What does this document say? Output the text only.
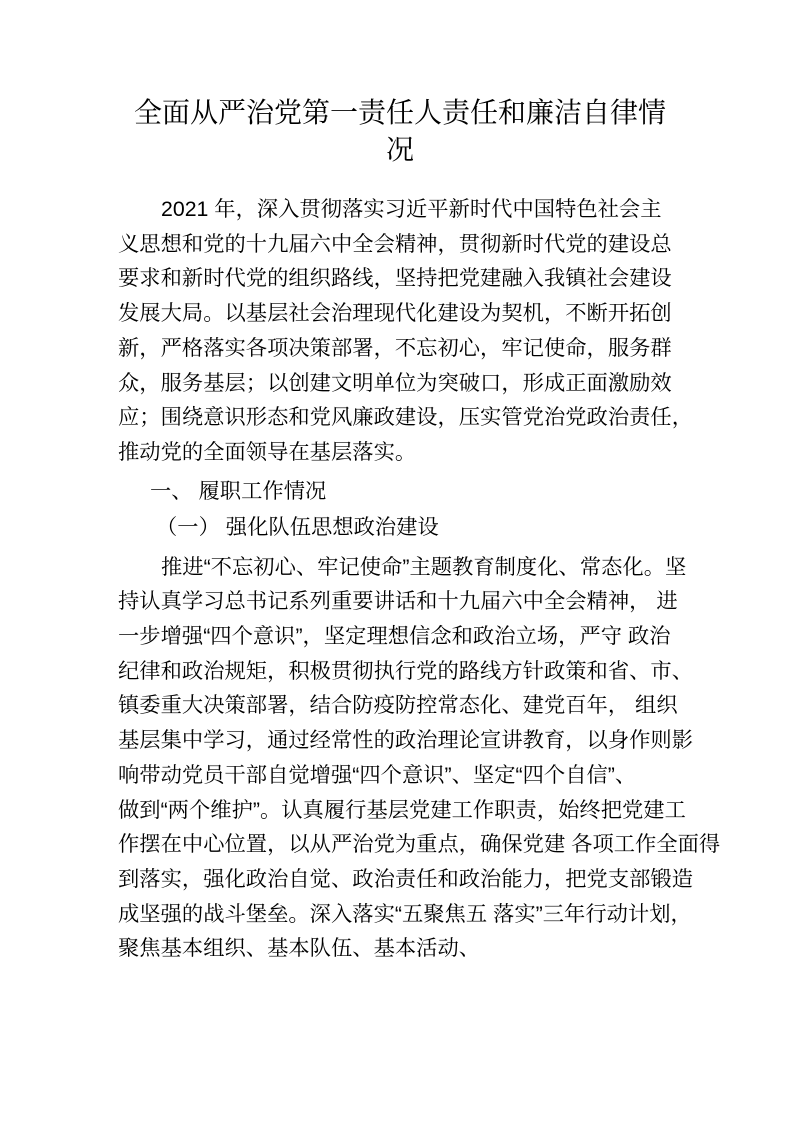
全面从严治党第一责任人责任和廉洁自律情
况
2021 年，深入贯彻落实习近平新时代中国特色社会主
义思想和党的十九届六中全会精神，贯彻新时代党的建设总
要求和新时代党的组织路线，坚持把党建融入我镇社会建设
发展大局。以基层社会治理现代化建设为契机，不断开拓创
新，严格落实各项决策部署，不忘初心，牢记使命，服务群
众，服务基层；以创建文明单位为突破口，形成正面激励效
应；围绕意识形态和党风廉政建设，压实管党治党政治责任，
推动党的全面领导在基层落实。
一、 履职工作情况
（一） 强化队伍思想政治建设
推进“不忘初心、牢记使命”主题教育制度化、常态化。坚
持认真学习总书记系列重要讲话和十九届六中全会精神， 进
一步增强“四个意识”，坚定理想信念和政治立场，严守 政治
纪律和政治规矩，积极贯彻执行党的路线方针政策和省、市、
镇委重大决策部署，结合防疫防控常态化、建党百年， 组织
基层集中学习，通过经常性的政治理论宣讲教育，以身作则影
响带动党员干部自觉增强“四个意识”、坚定“四个自信”、
做到“两个维护”。认真履行基层党建工作职责，始终把党建工
作摆在中心位置，以从严治党为重点，确保党建 各项工作全面得
到落实，强化政治自觉、政治责任和政治能力，把党支部锻造
成坚强的战斗堡垒。深入落实“五聚焦五 落实”三年行动计划，
聚焦基本组织、基本队伍、基本活动、
